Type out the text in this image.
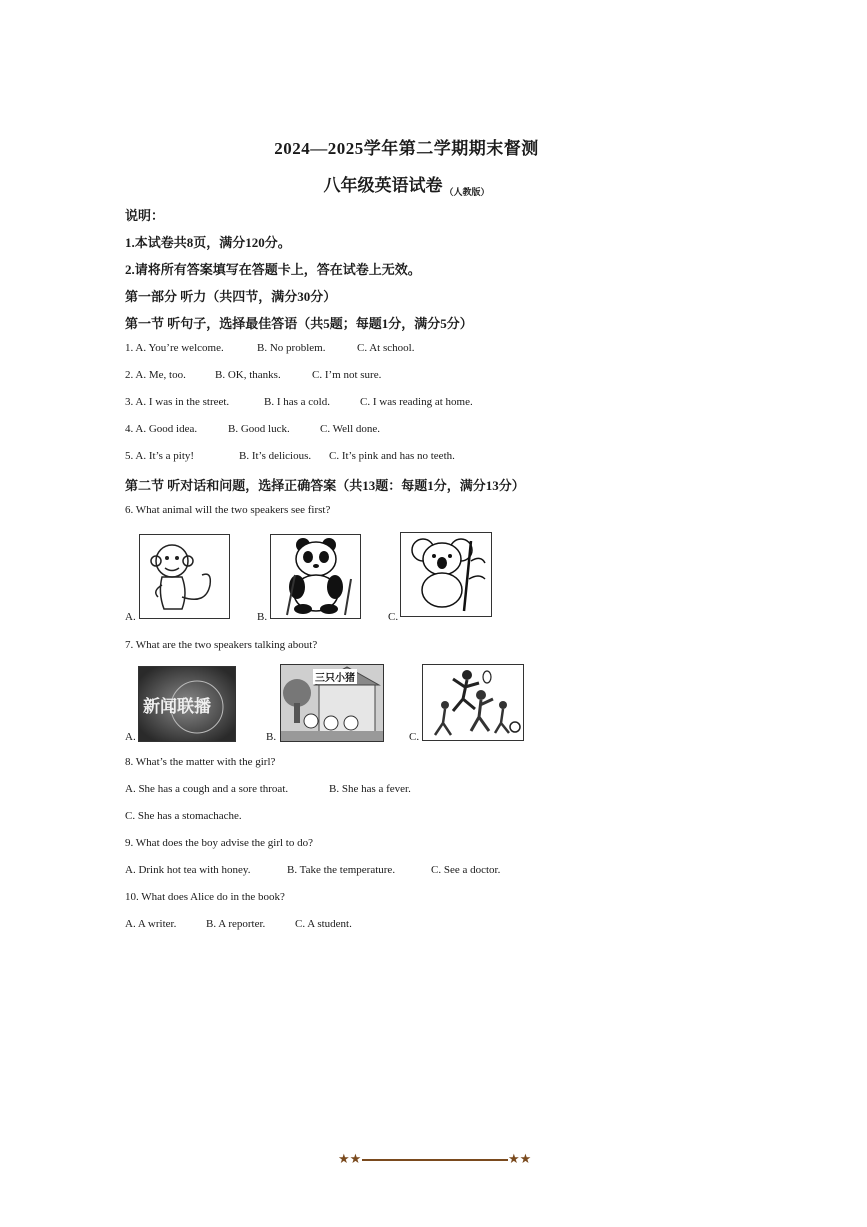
2024—2025学年第二学期期末督测
八年级英语试卷 $_{(人教版)}$
说明：
1.本试卷共8页，满分120分。
2.请将所有答案填写在答题卡上，答在试卷上无效。
第一部分 听力（共四节，满分30分）
第一节 听句子，选择最佳答语（共5题；每题1分，满分5分）
1. A. You’re welcome.	B. No problem.	C. At school.
2. A. Me, too.	B. OK, thanks.	C. I’m not sure.
3. A. I was in the street.	B. I has a cold.	C. I was reading at home.
4. A. Good idea.	B. Good luck.	C. Well done.
5. A. It’s a pity!	B. It’s delicious. C. It’s pink and has no teeth.
第二节 听对话和问题，选择正确答案（共13题：每题1分，满分13分）
6. What animal will the two speakers see first?
A.	B.	C.
7. What are the two speakers talking about?
A.
新闻联播
B.
三只小猪
C.
8. What’s the matter with the girl?
A. She has a cough and a sore throat.	B. She has a fever.
C. She has a stomachache.
9. What does the boy advise the girl to do?
A. Drink hot tea with honey.	B. Take the temperature.	C. See a doctor.
10. What does Alice do in the book?
A. A writer.	B. A reporter.	C. A student.
★★	★★
